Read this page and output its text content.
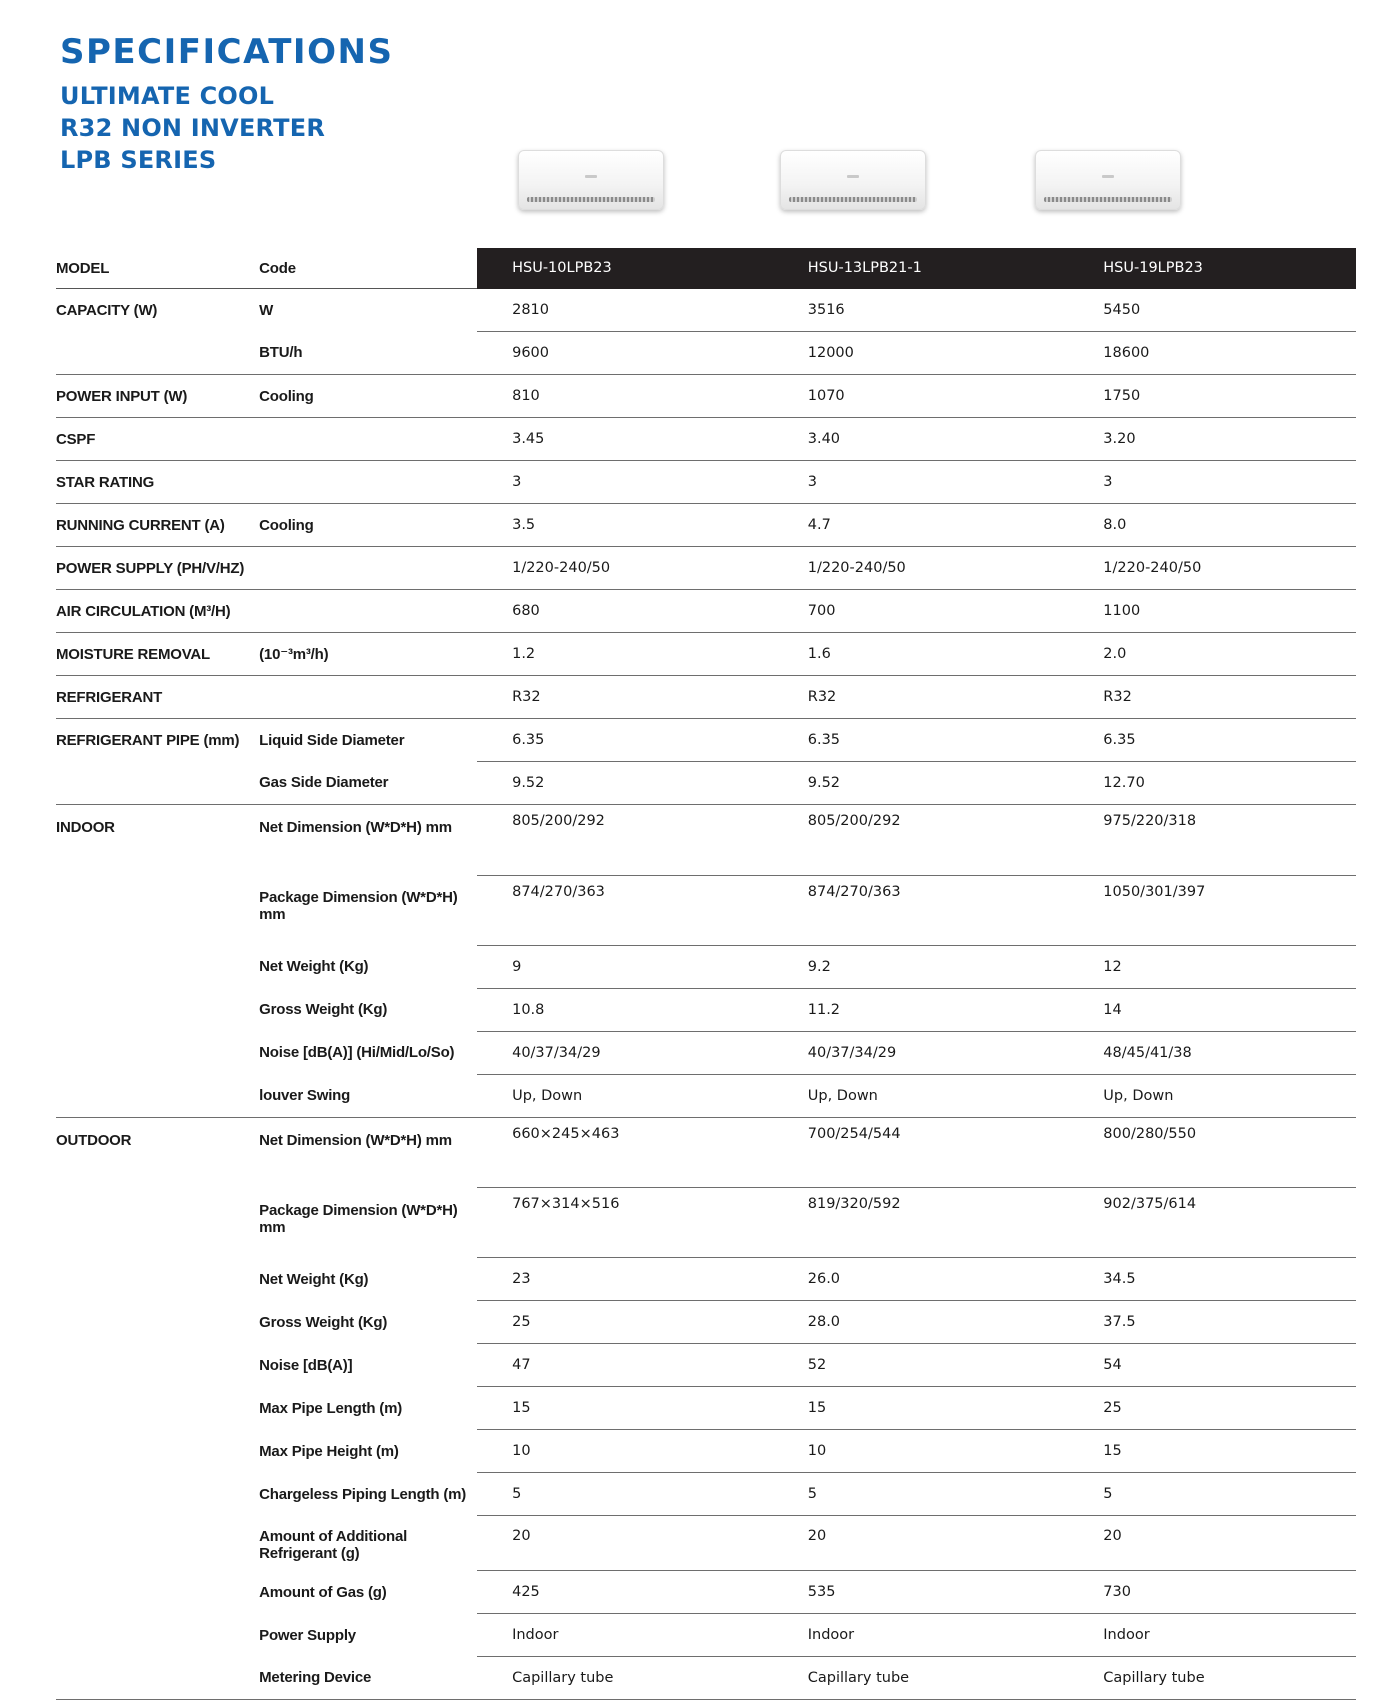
SPECIFICATIONS
ULTIMATE COOL
R32 NON INVERTER
LPB SERIES
MODEL	Code	HSU-10LPB23	HSU-13LPB21-1	HSU-19LPB23
CAPACITY (W)	W	2810	3516	5450
	BTU/h	9600	12000	18600
POWER INPUT (W)	Cooling	810	1070	1750
CSPF		3.45	3.40	3.20
STAR RATING		3	3	3
RUNNING CURRENT (A)	Cooling	3.5	4.7	8.0
POWER SUPPLY (PH/V/HZ)		1/220-240/50	1/220-240/50	1/220-240/50
AIR CIRCULATION (M³/H)		680	700	1100
MOISTURE REMOVAL	(10⁻³m³/h)	1.2	1.6	2.0
REFRIGERANT		R32	R32	R32
REFRIGERANT PIPE (mm)	Liquid Side Diameter	6.35	6.35	6.35
	Gas Side Diameter	9.52	9.52	12.70
INDOOR	Net Dimension (W*D*H) mm	805/200/292	805/200/292	975/220/318
	Package Dimension (W*D*H) mm	874/270/363	874/270/363	1050/301/397
	Net Weight (Kg)	9	9.2	12
	Gross Weight (Kg)	10.8	11.2	14
	Noise [dB(A)] (Hi/Mid/Lo/So)	40/37/34/29	40/37/34/29	48/45/41/38
	louver Swing	Up, Down	Up, Down	Up, Down
OUTDOOR	Net Dimension (W*D*H) mm	660×245×463	700/254/544	800/280/550
	Package Dimension (W*D*H) mm	767×314×516	819/320/592	902/375/614
	Net Weight (Kg)	23	26.0	34.5
	Gross Weight (Kg)	25	28.0	37.5
	Noise [dB(A)]	47	52	54
	Max Pipe Length (m)	15	15	25
	Max Pipe Height (m)	10	10	15
	Chargeless Piping Length (m)	5	5	5
	Amount of Additional Refrigerant (g)	20	20	20
	Amount of Gas (g)	425	535	730
	Power Supply	Indoor	Indoor	Indoor
	Metering Device	Capillary tube	Capillary tube	Capillary tube
